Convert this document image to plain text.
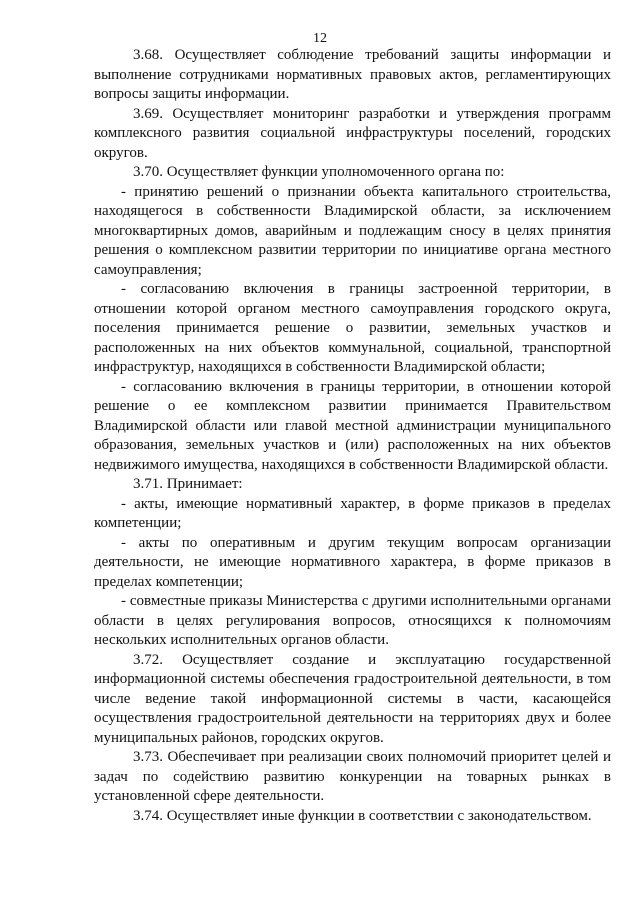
12

3.68. Осуществляет соблюдение требований защиты информации и выполнение сотрудниками нормативных правовых актов, регламентирующих вопросы защиты информации.

3.69. Осуществляет мониторинг разработки и утверждения программ комплексного развития социальной инфраструктуры поселений, городских округов.

3.70. Осуществляет функции уполномоченного органа по:

- принятию решений о признании объекта капитального строительства, находящегося в собственности Владимирской области, за исключением многоквартирных домов, аварийным и подлежащим сносу в целях принятия решения о комплексном развитии территории по инициативе органа местного самоуправления;

- согласованию включения в границы застроенной территории, в отношении которой органом местного самоуправления городского округа, поселения принимается решение о развитии, земельных участков и расположенных на них объектов коммунальной, социальной, транспортной инфраструктур, находящихся в собственности Владимирской области;

- согласованию включения в границы территории, в отношении которой решение о ее комплексном развитии принимается Правительством Владимирской области или главой местной администрации муниципального образования, земельных участков и (или) расположенных на них объектов недвижимого имущества, находящихся в собственности Владимирской области.

3.71. Принимает:

- акты, имеющие нормативный характер, в форме приказов в пределах компетенции;

- акты по оперативным и другим текущим вопросам организации деятельности, не имеющие нормативного характера, в форме приказов в пределах компетенции;

- совместные приказы Министерства с другими исполнительными органами области в целях регулирования вопросов, относящихся к полномочиям нескольких исполнительных органов области.

3.72. Осуществляет создание и эксплуатацию государственной информационной системы обеспечения градостроительной деятельности, в том числе ведение такой информационной системы в части, касающейся осуществления градостроительной деятельности на территориях двух и более муниципальных районов, городских округов.

3.73. Обеспечивает при реализации своих полномочий приоритет целей и задач по содействию развитию конкуренции на товарных рынках в установленной сфере деятельности.

3.74. Осуществляет иные функции в соответствии с законодательством.
